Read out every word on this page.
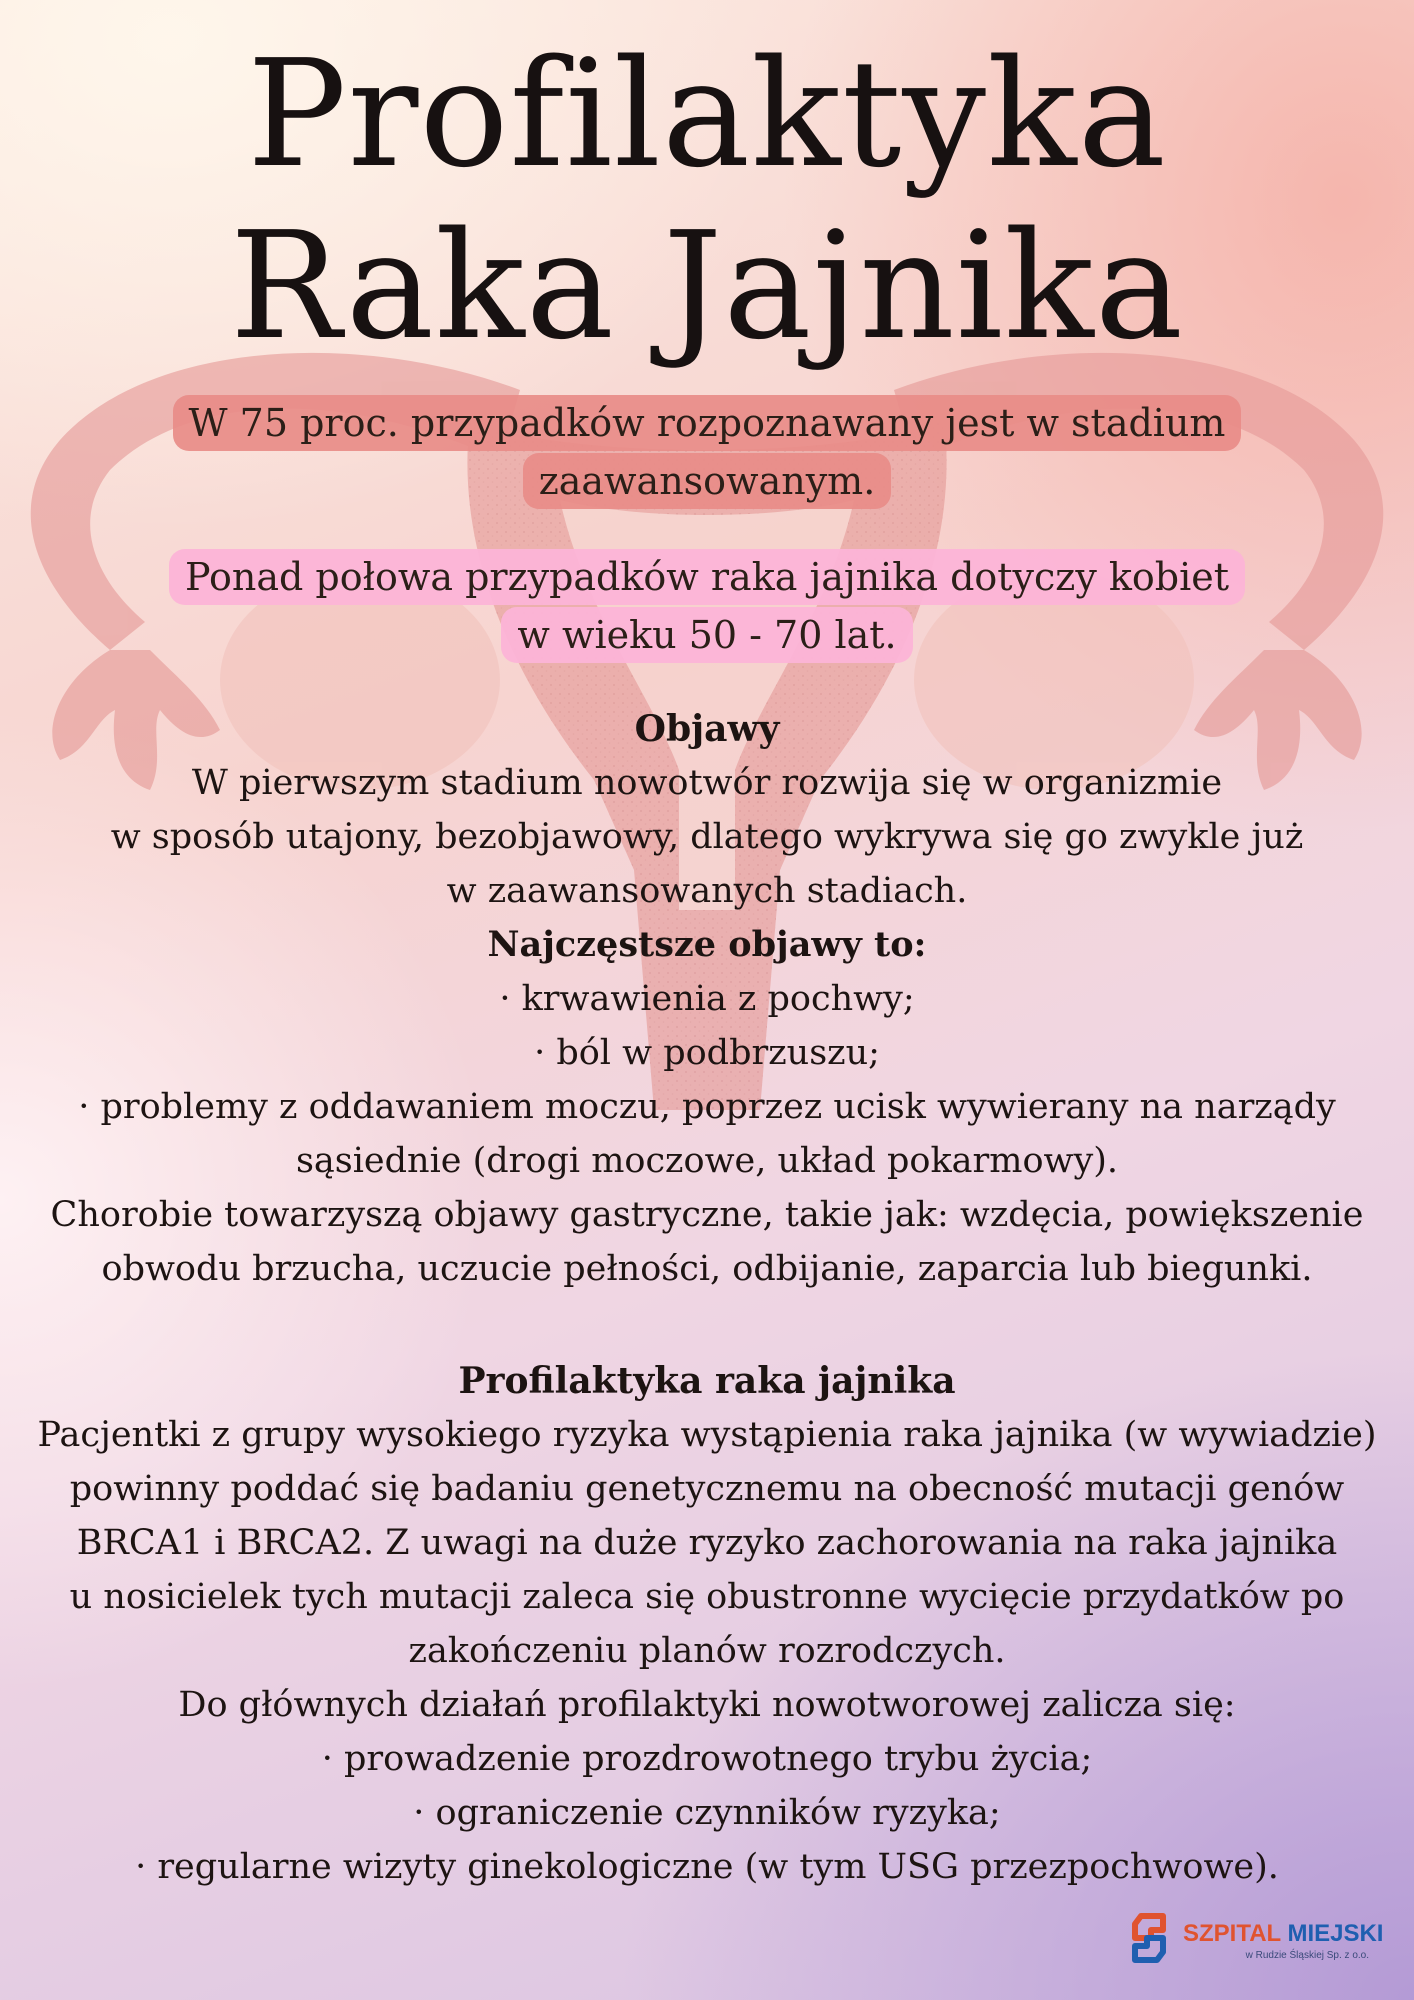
Profilaktyka
Raka Jajnika
W 75 proc. przypadków rozpoznawany jest w stadium
zaawansowanym.
Ponad połowa przypadków raka jajnika dotyczy kobiet
w wieku 50 - 70 lat.
Objawy

W pierwszym stadium nowotwór rozwija się w organizmie

w sposób utajony, bezobjawowy, dlatego wykrywa się go zwykle już

w zaawansowanych stadiach.

Najczęstsze objawy to:

· krwawienia z pochwy;

· ból w podbrzuszu;

· problemy z oddawaniem moczu, poprzez ucisk wywierany na narządy

sąsiednie (drogi moczowe, układ pokarmowy).

Chorobie towarzyszą objawy gastryczne, takie jak: wzdęcia, powiększenie

obwodu brzucha, uczucie pełności, odbijanie, zaparcia lub biegunki.

Profilaktyka raka jajnika

Pacjentki z grupy wysokiego ryzyka wystąpienia raka jajnika (w wywiadzie)

powinny poddać się badaniu genetycznemu na obecność mutacji genów

BRCA1 i BRCA2. Z uwagi na duże ryzyko zachorowania na raka jajnika

u nosicielek tych mutacji zaleca się obustronne wycięcie przydatków po

zakończeniu planów rozrodczych.

Do głównych działań profilaktyki nowotworowej zalicza się:

· prowadzenie prozdrowotnego trybu życia;

· ograniczenie czynników ryzyka;

· regularne wizyty ginekologiczne (w tym USG przezpochwowe).

SZPITAL MIEJSKI
w Rudzie Śląskiej Sp. z o.o.
